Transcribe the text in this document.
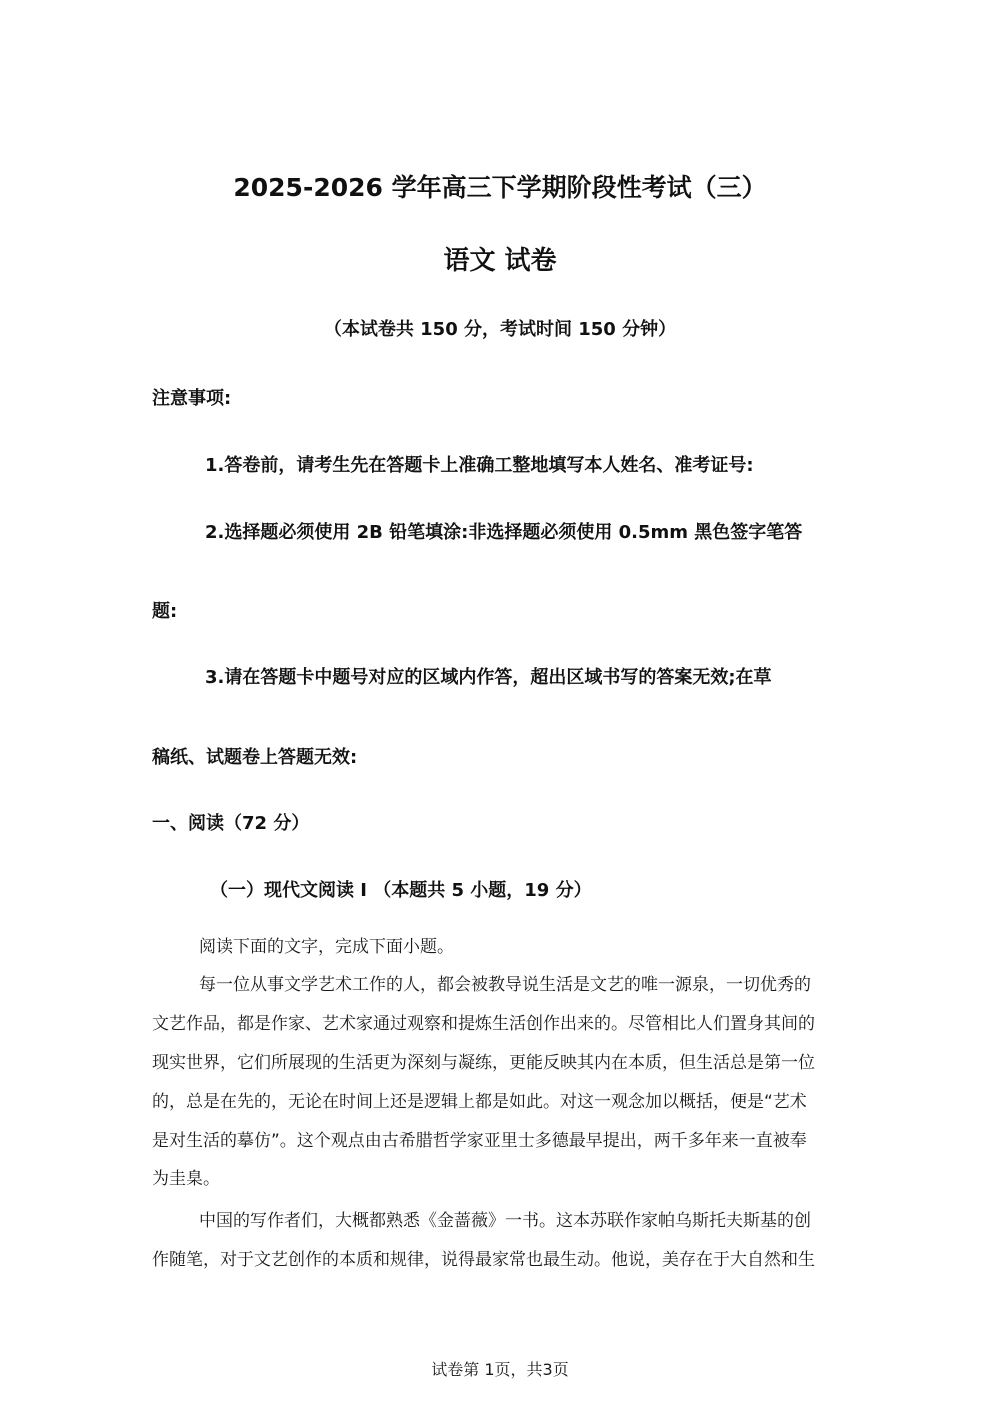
2025-2026 学年高三下学期阶段性考试（三）
语文 试卷
（本试卷共 150 分，考试时间 150 分钟）
注意事项:
1.答卷前，请考生先在答题卡上准确工整地填写本人姓名、准考证号:
2.选择题必须使用 2B 铅笔填涂:非选择题必须使用 0.5mm 黑色签字笔答
题:
3.请在答题卡中题号对应的区域内作答，超出区域书写的答案无效;在草
稿纸、试题卷上答题无效:
一、阅读（72 分）
（一）现代文阅读 I （本题共 5 小题，19 分）
阅读下面的文字，完成下面小题。
每一位从事文学艺术工作的人，都会被教导说生活是文艺的唯一源泉，一切优秀的
文艺作品，都是作家、艺术家通过观察和提炼生活创作出来的。尽管相比人们置身其间的
现实世界，它们所展现的生活更为深刻与凝练，更能反映其内在本质，但生活总是第一位
的，总是在先的，无论在时间上还是逻辑上都是如此。对这一观念加以概括，便是“艺术
是对生活的摹仿”。这个观点由古希腊哲学家亚里士多德最早提出，两千多年来一直被奉
为圭臬。
中国的写作者们，大概都熟悉《金蔷薇》一书。这本苏联作家帕乌斯托夫斯基的创
作随笔，对于文艺创作的本质和规律，说得最家常也最生动。他说，美存在于大自然和生
试卷第 1页，共3页
